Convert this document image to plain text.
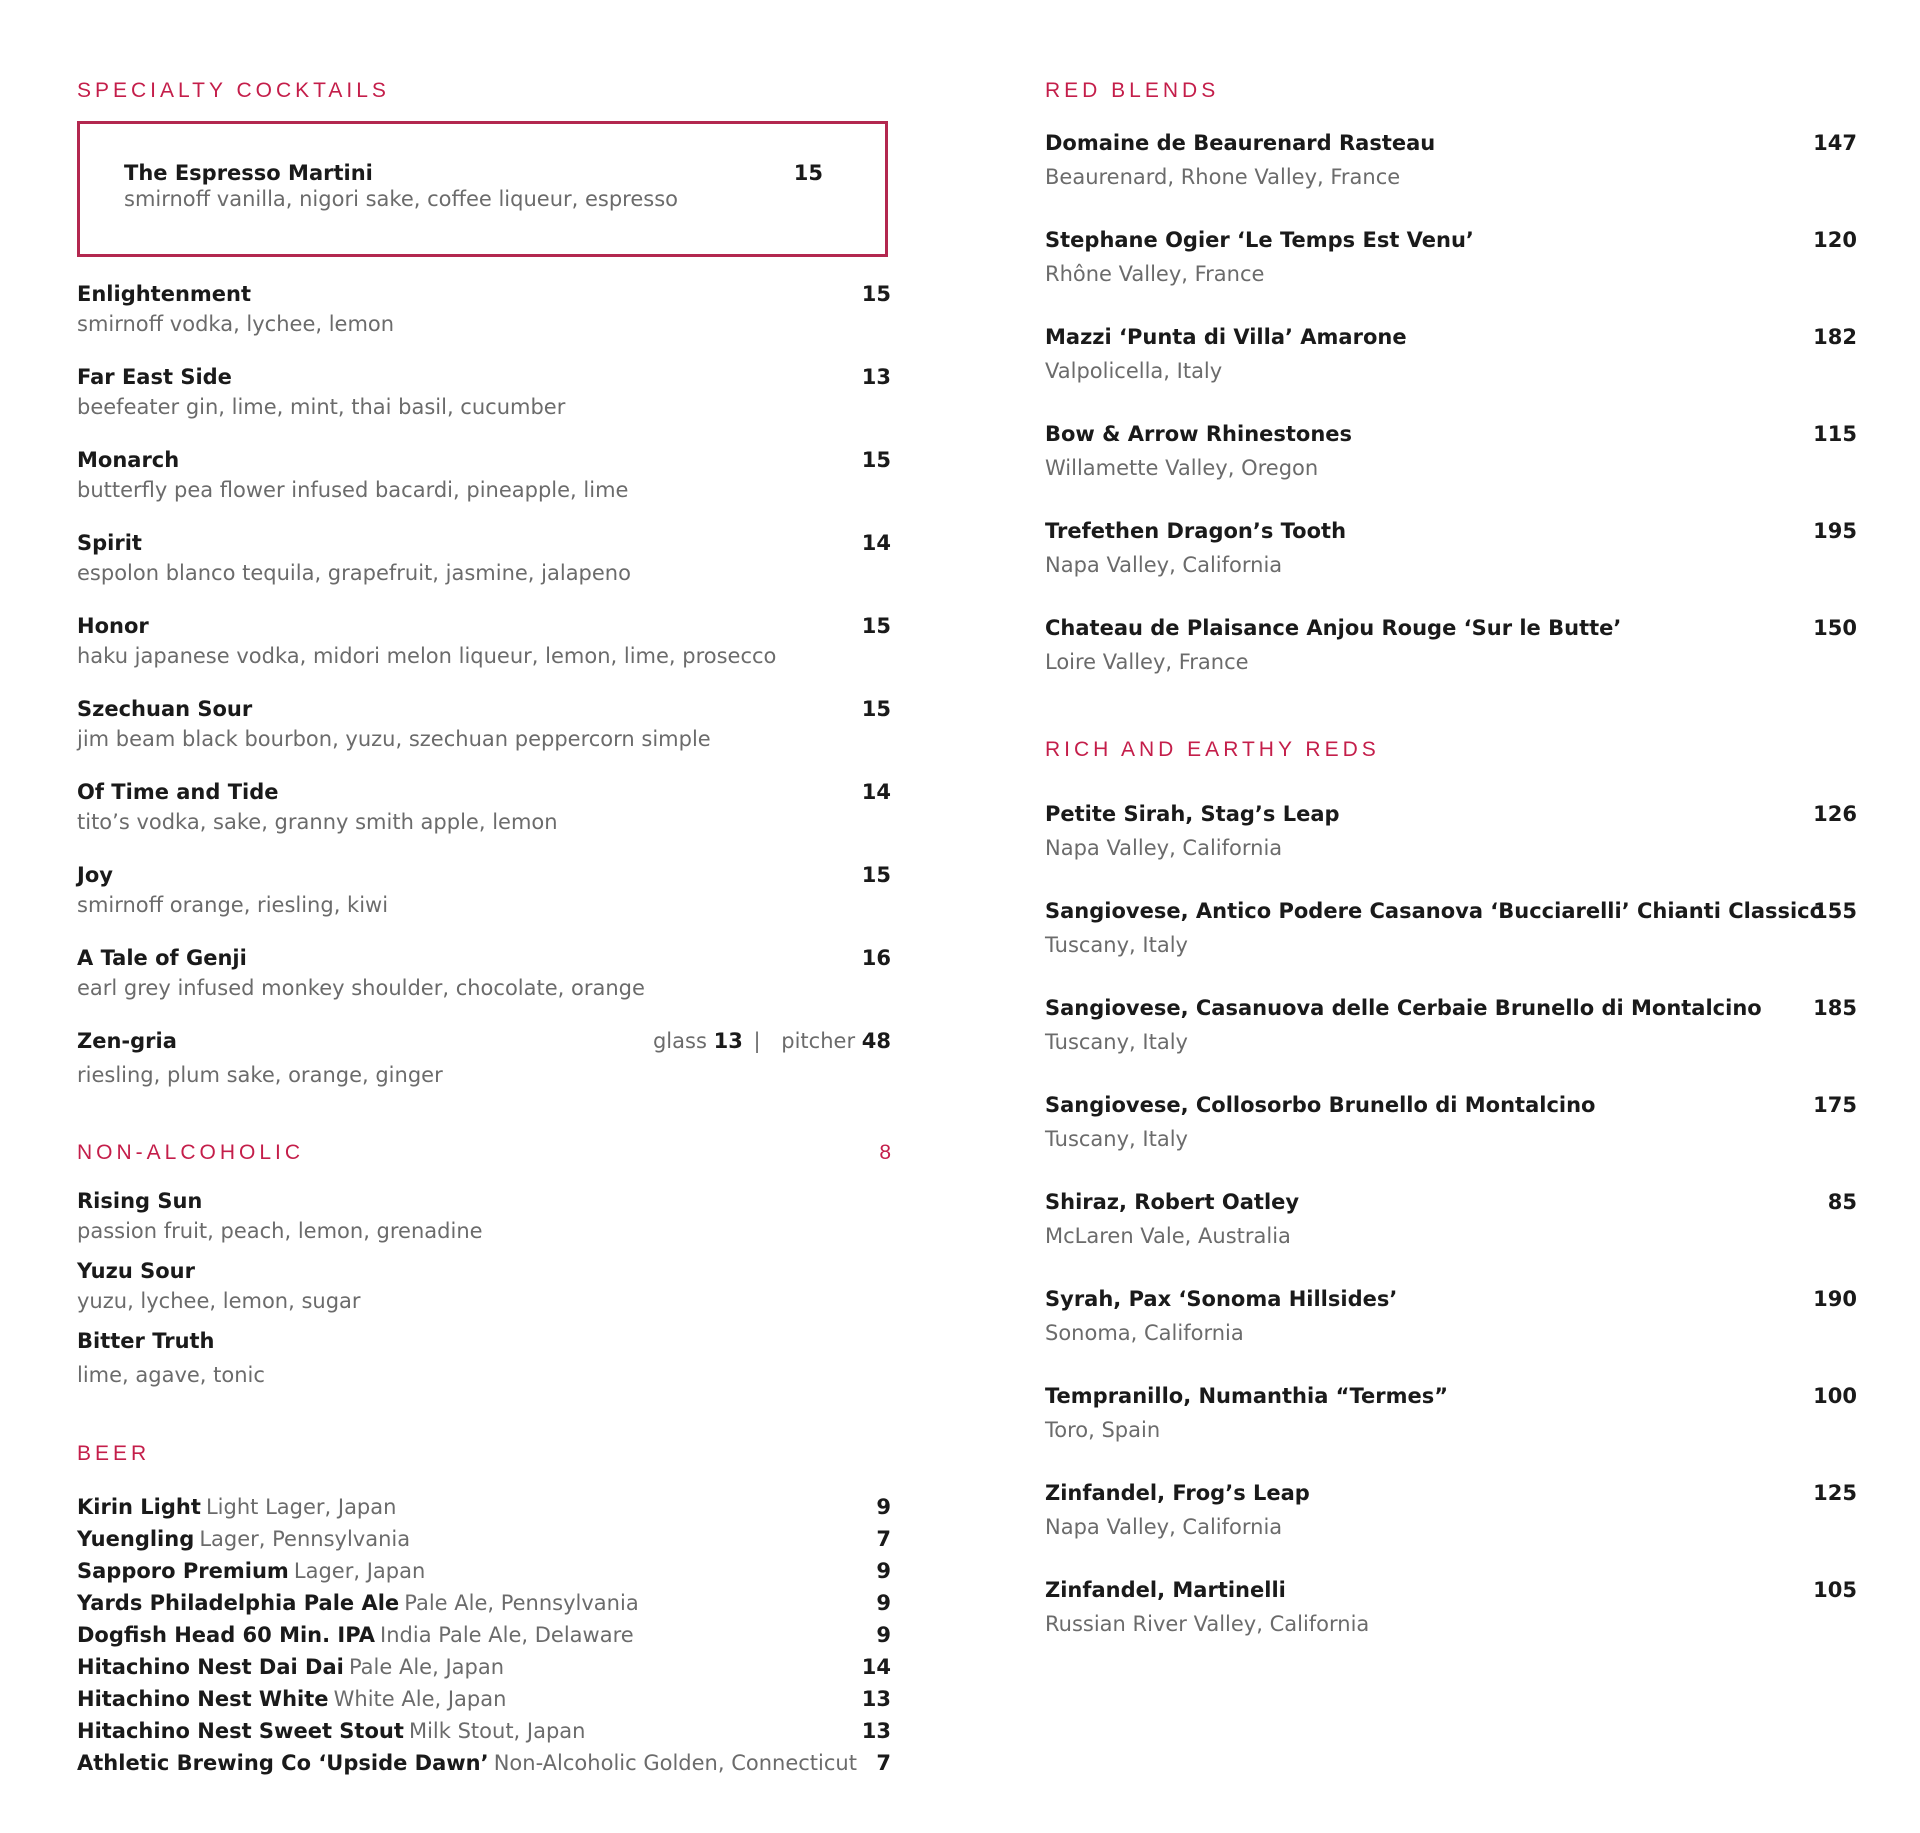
SPECIALTY COCKTAILS
The Espresso Martini	15
smirnoff vanilla, nigori sake, coffee liqueur, espresso
Enlightenment	15
smirnoff vodka, lychee, lemon
Far East Side	13
beefeater gin, lime, mint, thai basil, cucumber
Monarch	15
butterfly pea flower infused bacardi, pineapple, lime
Spirit	14
espolon blanco tequila, grapefruit, jasmine, jalapeno
Honor	15
haku japanese vodka, midori melon liqueur, lemon, lime, prosecco
Szechuan Sour	15
jim beam black bourbon, yuzu, szechuan peppercorn simple
Of Time and Tide	14
tito’s vodka, sake, granny smith apple, lemon
Joy	15
smirnoff orange, riesling, kiwi
A Tale of Genji	16
earl grey infused monkey shoulder, chocolate, orange
Zen-gria	glass 13 | pitcher 48
riesling, plum sake, orange, ginger
NON-ALCOHOLIC	8
Rising Sun
passion fruit, peach, lemon, grenadine
Yuzu Sour
yuzu, lychee, lemon, sugar
Bitter Truth
lime, agave, tonic
BEER
Kirin Light Light Lager, Japan	9
Yuengling Lager, Pennsylvania	7
Sapporo Premium Lager, Japan	9
Yards Philadelphia Pale Ale Pale Ale, Pennsylvania	9
Dogfish Head 60 Min. IPA India Pale Ale, Delaware	9
Hitachino Nest Dai Dai Pale Ale, Japan	14
Hitachino Nest White White Ale, Japan	13
Hitachino Nest Sweet Stout Milk Stout, Japan	13
Athletic Brewing Co ‘Upside Dawn’ Non-Alcoholic Golden, Connecticut 7
RED BLENDS
Domaine de Beaurenard Rasteau	147
Beaurenard, Rhone Valley, France
Stephane Ogier ‘Le Temps Est Venu’	120
Rhône Valley, France
Mazzi ‘Punta di Villa’ Amarone	182
Valpolicella, Italy
Bow & Arrow Rhinestones	115
Willamette Valley, Oregon
Trefethen Dragon’s Tooth	195
Napa Valley, California
Chateau de Plaisance Anjou Rouge ‘Sur le Butte’	150
Loire Valley, France
RICH AND EARTHY REDS
Petite Sirah, Stag’s Leap	126
Napa Valley, California
Sangiovese, Antico Podere Casanova ‘Bucciarelli’ Chianti Classico
155
Tuscany, Italy
Sangiovese, Casanuova delle Cerbaie Brunello di Montalcino 185
Tuscany, Italy
Sangiovese, Collosorbo Brunello di Montalcino	175
Tuscany, Italy
Shiraz, Robert Oatley	85
McLaren Vale, Australia
Syrah, Pax ‘Sonoma Hillsides’	190
Sonoma, California
Tempranillo, Numanthia “Termes”	100
Toro, Spain
Zinfandel, Frog’s Leap	125
Napa Valley, California
Zinfandel, Martinelli	105
Russian River Valley, California
